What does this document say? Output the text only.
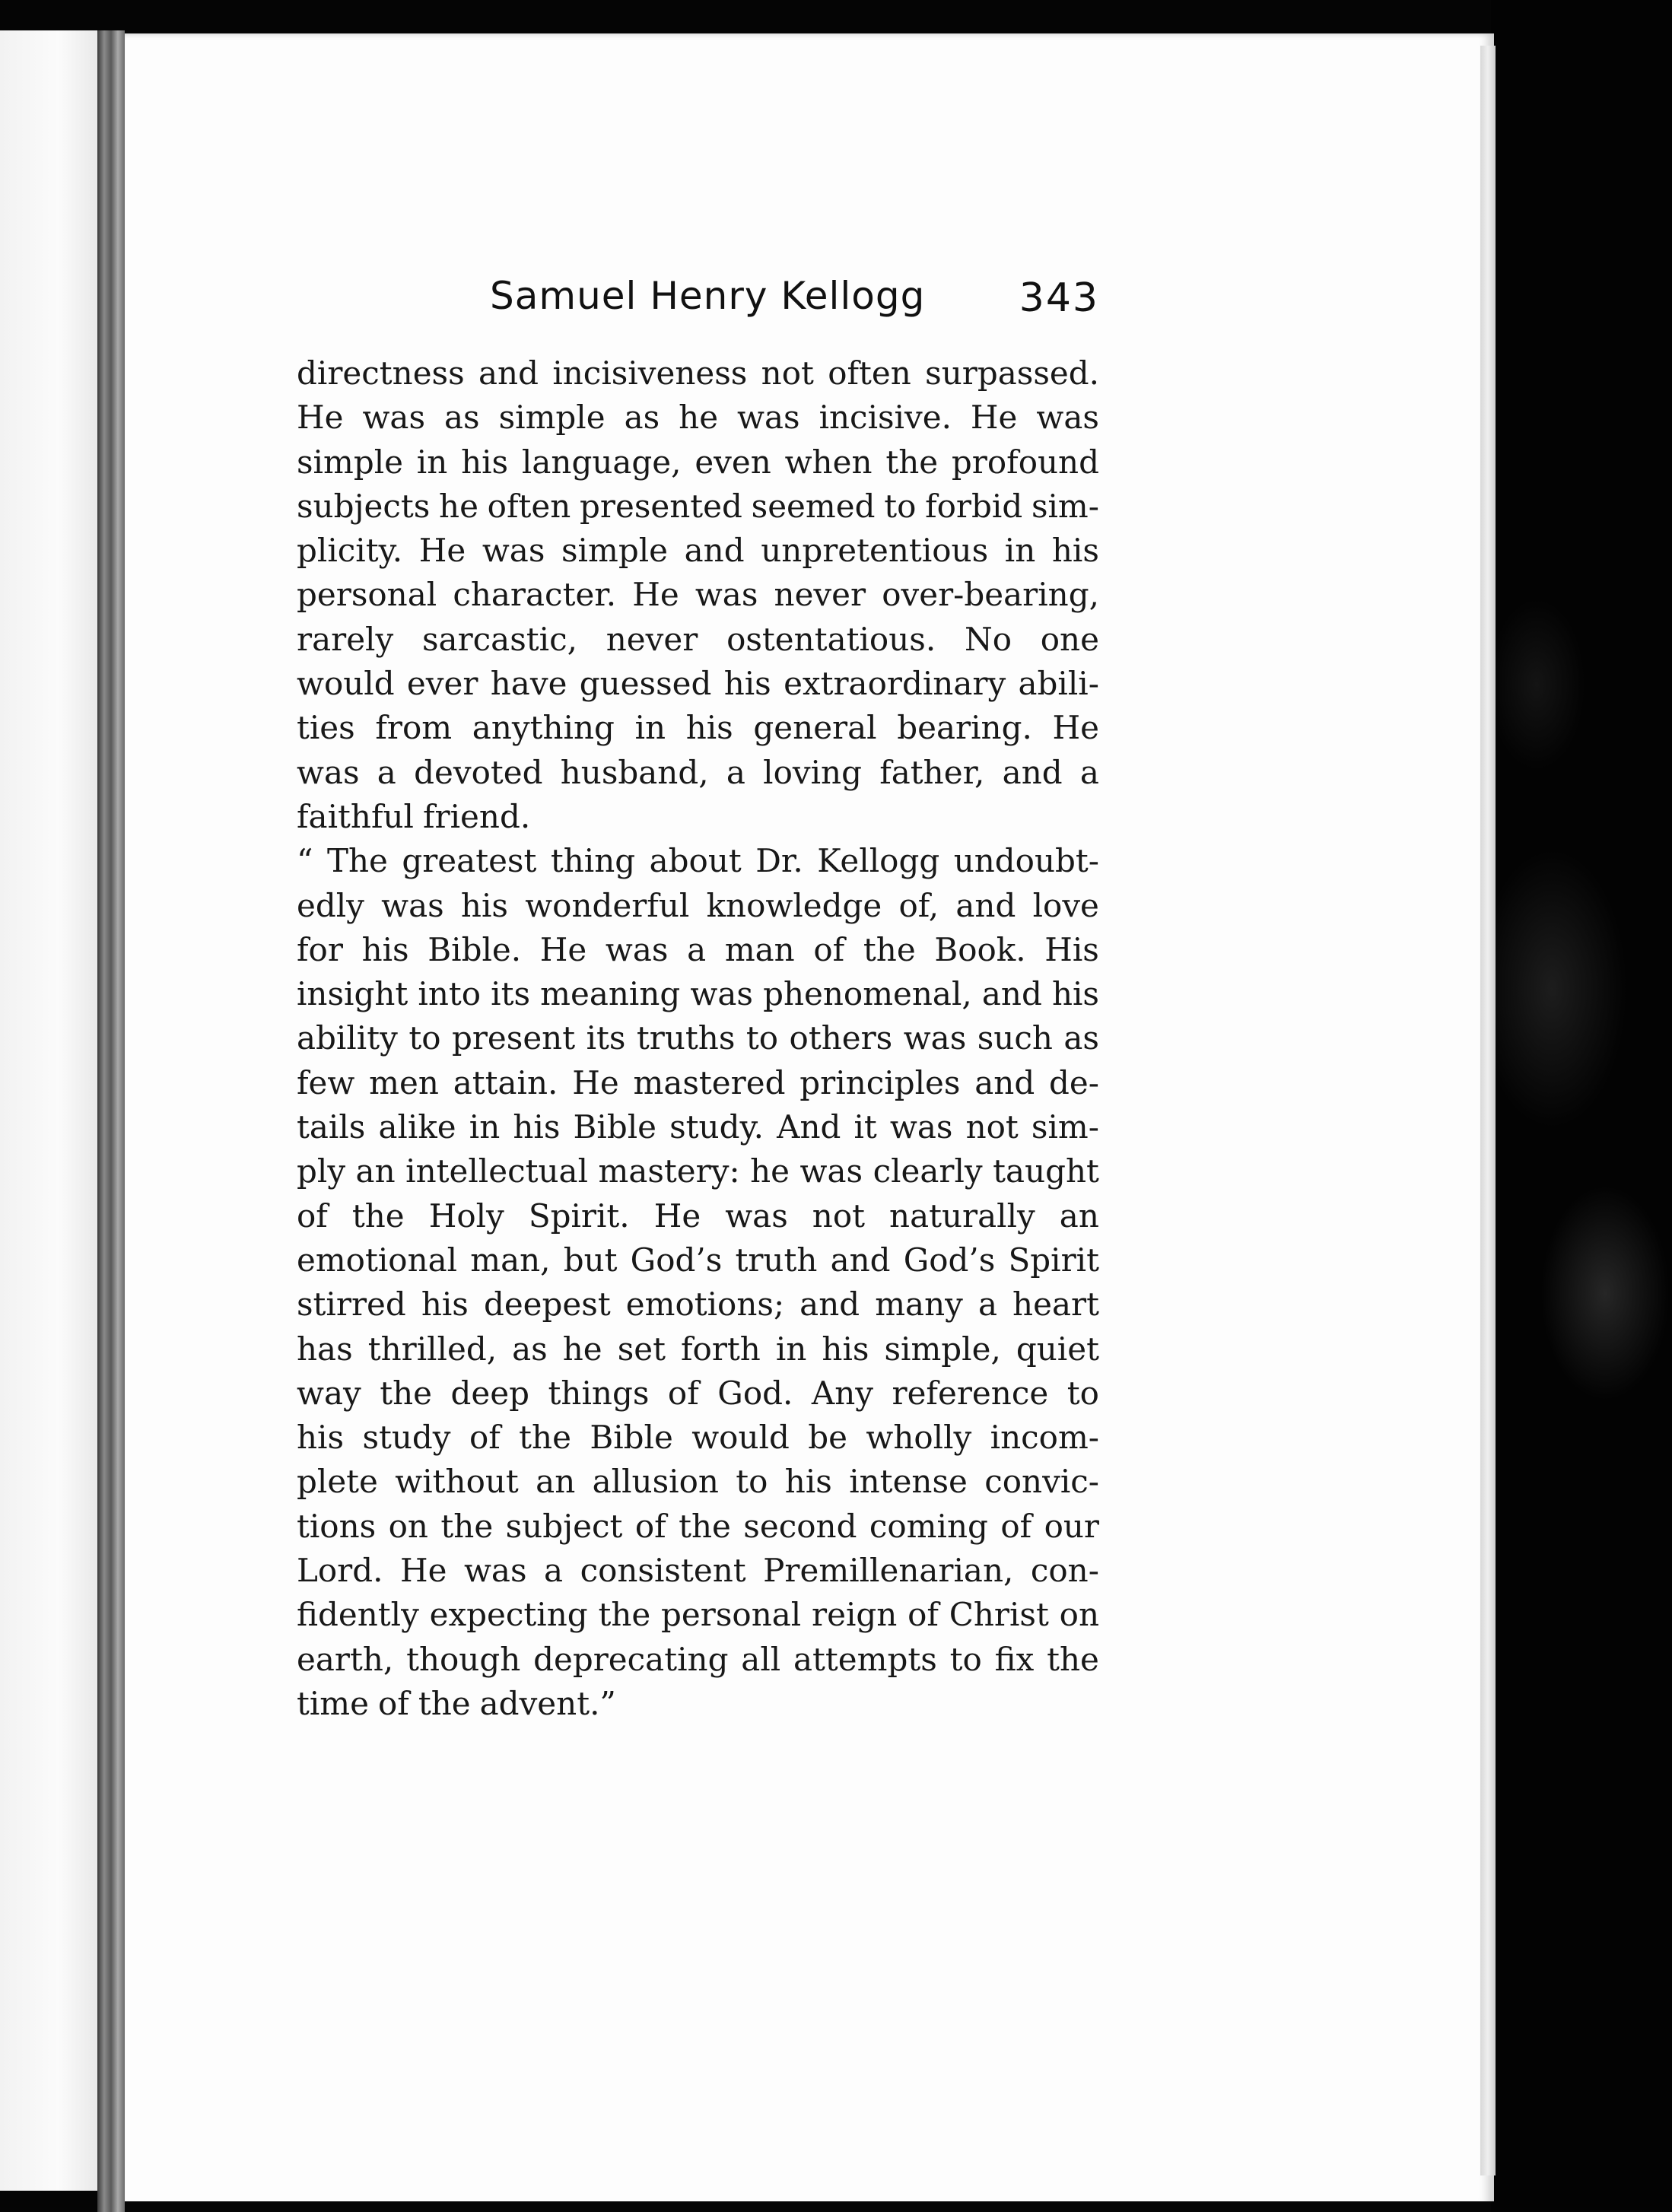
Samuel Henry Kellogg 343
directness and incisiveness not often surpassed.
He was as simple as he was incisive. He was
simple in his language, even when the profound
subjects he often presented seemed to forbid sim-
plicity. He was simple and unpretentious in his
personal character. He was never over-bearing,
rarely sarcastic, never ostentatious. No one
would ever have guessed his extraordinary abili-
ties from anything in his general bearing. He
was a devoted husband, a loving father, and a
faithful friend.
“ The greatest thing about Dr. Kellogg undoubt-
edly was his wonderful knowledge of, and love
for his Bible. He was a man of the Book. His
insight into its meaning was phenomenal, and his
ability to present its truths to others was such as
few men attain. He mastered principles and de-
tails alike in his Bible study. And it was not sim-
ply an intellectual mastery: he was clearly taught
of the Holy Spirit. He was not naturally an
emotional man, but God’s truth and God’s Spirit
stirred his deepest emotions; and many a heart
has thrilled, as he set forth in his simple, quiet
way the deep things of God. Any reference to
his study of the Bible would be wholly incom-
plete without an allusion to his intense convic-
tions on the subject of the second coming of our
Lord. He was a consistent Premillenarian, con-
fidently expecting the personal reign of Christ on
earth, though deprecating all attempts to fix the
time of the advent.”
